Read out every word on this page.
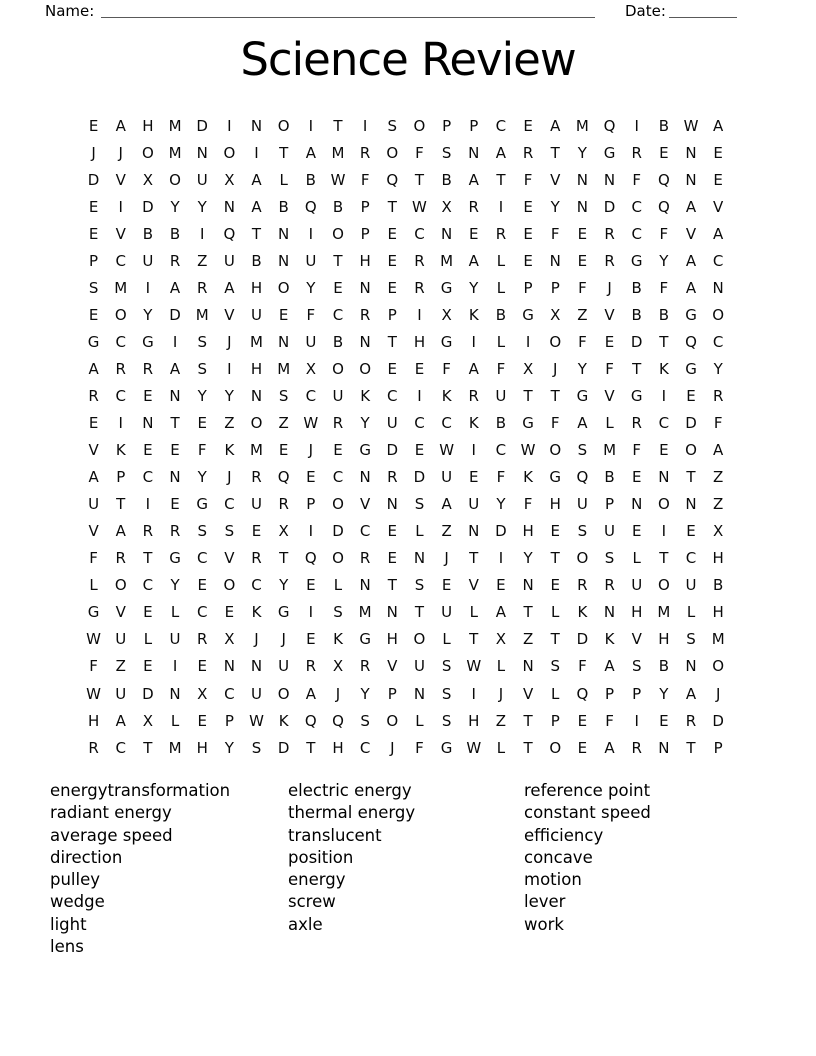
Name:	Date:
Science Review
E	A	H	M D	I	N	O	I	T	I	S	O	P	P	C	E	A	M Q	I	B W A
J	J	O M	N	O	I	T	A	M	R	O	F	S	N	A	R	T	Y	G	R	E	N	E
D	V	X	O	U	X	A	L	B W	F	Q	T	B	A	T	F	V	N	N	F	Q	N	E
E	I	D	Y	Y	N	A	B	Q	B	P	T	W X	R	I	E	Y	N	D	C	Q	A	V
E	V	B	B	I	Q	T	N	I	O	P	E	C	N	E	R	E	F	E	R	C	F	V	A
P	C	U	R	Z	U	B	N	U	T	H	E	R	M	A	L	E	N	E	R	G	Y	A	C
S	M	I	A	R	A	H	O	Y	E	N	E	R	G	Y	L	P	P	F	J	B	F	A	N
E	O	Y	D M	V	U	E	F	C	R	P	I	X	K	B	G	X	Z	V	B	B	G	O
G	C	G	I	S	J	M	N	U	B	N	T	H	G	I	L	I	O	F	E	D	T	Q	C
A	R	R	A	S	I	H	M	X	O	O	E	E	F	A	F	X	J	Y	F	T	K	G	Y
R	C	E	N	Y	Y	N	S	C	U	K	C	I	K	R	U	T	T	G	V	G	I	E	R
E	I	N	T	E	Z	O	Z W R	Y	U	C	C	K	B	G	F	A	L	R	C	D	F
V	K	E	E	F	K	M	E	J	E	G	D	E	W	I	C W O	S	M	F	E	O	A
A	P	C	N	Y	J	R	Q	E	C	N	R	D	U	E	F	K	G	Q	B	E	N	T	Z
U	T	I	E	G	C	U	R	P	O	V	N	S	A	U	Y	F	H	U	P	N	O	N	Z
V	A	R	R	S	S	E	X	I	D	C	E	L	Z	N	D	H	E	S	U	E	I	E	X
F	R	T	G	C	V	R	T	Q	O	R	E	N	J	T	I	Y	T	O	S	L	T	C	H
L	O	C	Y	E	O	C	Y	E	L	N	T	S	E	V	E	N	E	R	R	U	O	U	B
G	V	E	L	C	E	K	G	I	S	M	N	T	U	L	A	T	L	K	N	H	M	L	H
W U	L	U	R	X	J	J	E	K	G	H	O	L	T	X	Z	T	D	K	V	H	S	M
F	Z	E	I	E	N	N	U	R	X	R	V	U	S W	L	N	S	F	A	S	B	N	O
W U	D	N	X	C	U	O	A	J	Y	P	N	S	I	J	V	L	Q	P	P	Y	A	J
H	A	X	L	E	P	W K	Q	Q	S	O	L	S	H	Z	T	P	E	F	I	E	R	D
R	C	T	M	H	Y	S	D	T	H	C	J	F	G W	L	T	O	E	A	R	N	T	P
energytransformation
radiant energy
average speed
direction
pulley
wedge
light
lens
electric energy
thermal energy
translucent
position
energy
screw
axle
reference point
constant speed
efficiency
concave
motion
lever
work
